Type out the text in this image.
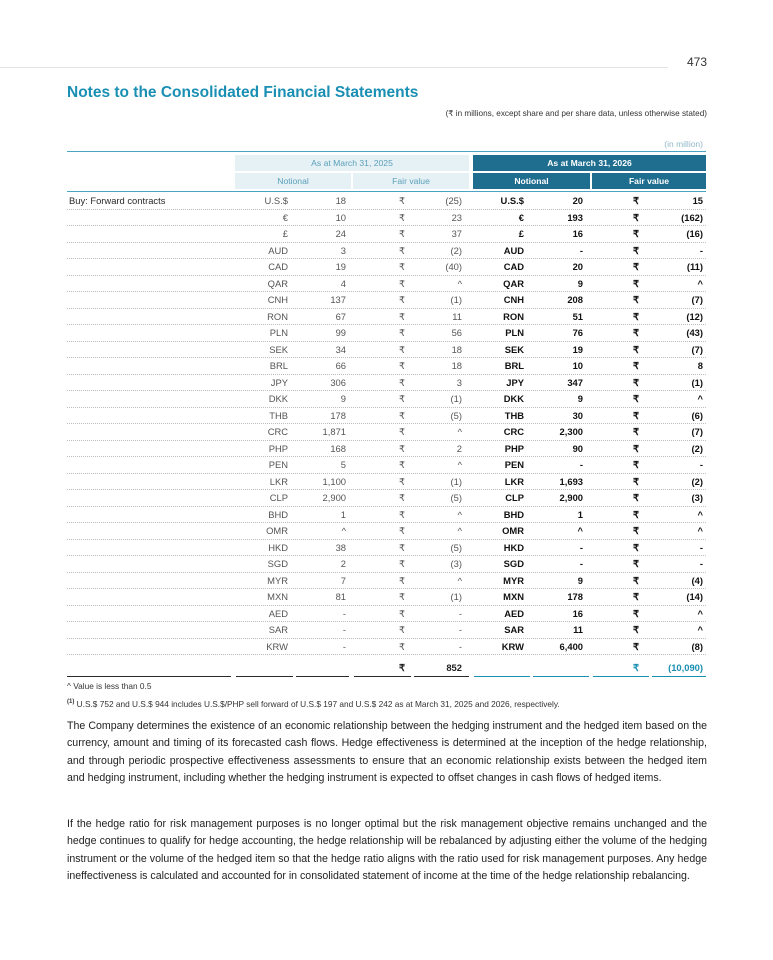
473
Notes to the Consolidated Financial Statements
(₹ in millions, except share and per share data, unless otherwise stated)
(in million)
As at March 31, 2025	As at March 31, 2026
Notional	Fair value	Notional	Fair value
Buy: Forward contracts	U.S.$	18	₹	(25)	U.S.$	20	₹	15
€	10	₹	23	€	193	₹	(162)
£	24	₹	37	£	16	₹	(16)
AUD	3	₹	(2)	AUD	-	₹	-
CAD	19	₹	(40)	CAD	20	₹	(11)
QAR	4	₹	^	QAR	9	₹	^
CNH	137	₹	(1)	CNH	208	₹	(7)
RON	67	₹	11	RON	51	₹	(12)
PLN	99	₹	56	PLN	76	₹	(43)
SEK	34	₹	18	SEK	19	₹	(7)
BRL	66	₹	18	BRL	10	₹	8
JPY	306	₹	3	JPY	347	₹	(1)
DKK	9	₹	(1)	DKK	9	₹	^
THB	178	₹	(5)	THB	30	₹	(6)
CRC	1,871	₹	^	CRC	2,300	₹	(7)
PHP	168	₹	2	PHP	90	₹	(2)
PEN	5	₹	^	PEN	-	₹	-
LKR	1,100	₹	(1)	LKR	1,693	₹	(2)
CLP	2,900	₹	(5)	CLP	2,900	₹	(3)
BHD	1	₹	^	BHD	1	₹	^
OMR	^	₹	^	OMR	^	₹	^
HKD	38	₹	(5)	HKD	-	₹	-
SGD	2	₹	(3)	SGD	-	₹	-
MYR	7	₹	^	MYR	9	₹	(4)
MXN	81	₹	(1)	MXN	178	₹	(14)
AED	-	₹	-	AED	16	₹	^
SAR	-	₹	-	SAR	11	₹	^
KRW	-	₹	-	KRW	6,400	₹	(8)
₹	852	₹	(10,090)
^ Value is less than 0.5
$^{(1)}$ U.S.$ 752 and U.S.$ 944 includes U.S.$/PHP sell forward of U.S.$ 197 and U.S.$ 242 as at March 31, 2025 and 2026, respectively.
The Company determines the existence of an economic relationship between the hedging instrument and the hedged item based on the currency, amount and timing of its forecasted cash flows. Hedge effectiveness is determined at the inception of the hedge relationship, and through periodic prospective effectiveness assessments to ensure that an economic relationship exists between the hedged item and hedging instrument, including whether the hedging instrument is expected to offset changes in cash flows of hedged items.
If the hedge ratio for risk management purposes is no longer optimal but the risk management objective remains unchanged and the hedge continues to qualify for hedge accounting, the hedge relationship will be rebalanced by adjusting either the volume of the hedging instrument or the volume of the hedged item so that the hedge ratio aligns with the ratio used for risk management purposes. Any hedge ineffectiveness is calculated and accounted for in consolidated statement of income at the time of the hedge relationship rebalancing.
